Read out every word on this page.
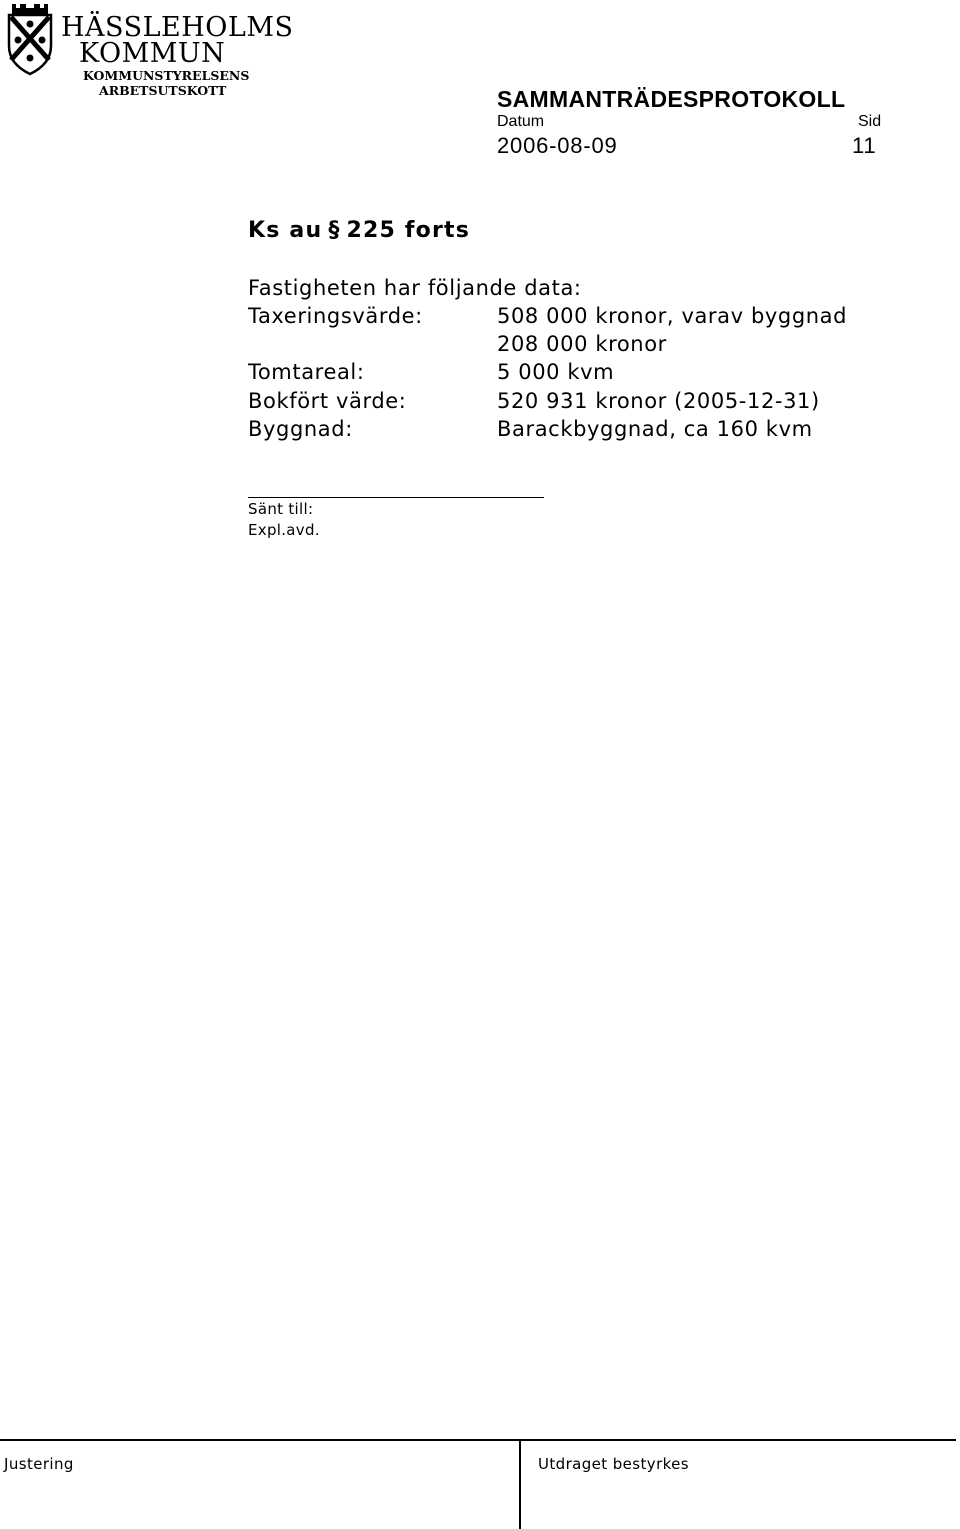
HÄSSLEHOLMS
KOMMUN
KOMMUNSTYRELSENS
ARBETSUTSKOTT	SAMMANTRÄDESPROTOKOLL
Datum	Sid
2006-08-09	11
Ks au § 225 forts
Fastigheten har följande data:
Taxeringsvärde:	508 000 kronor, varav byggnad
208 000 kronor
Tomtareal:	5 000 kvm
Bokfört värde:	520 931 kronor (2005-12-31)
Byggnad:	Barackbyggnad, ca 160 kvm
Sänt till:
Expl.avd.
Justering	Utdraget bestyrkes
